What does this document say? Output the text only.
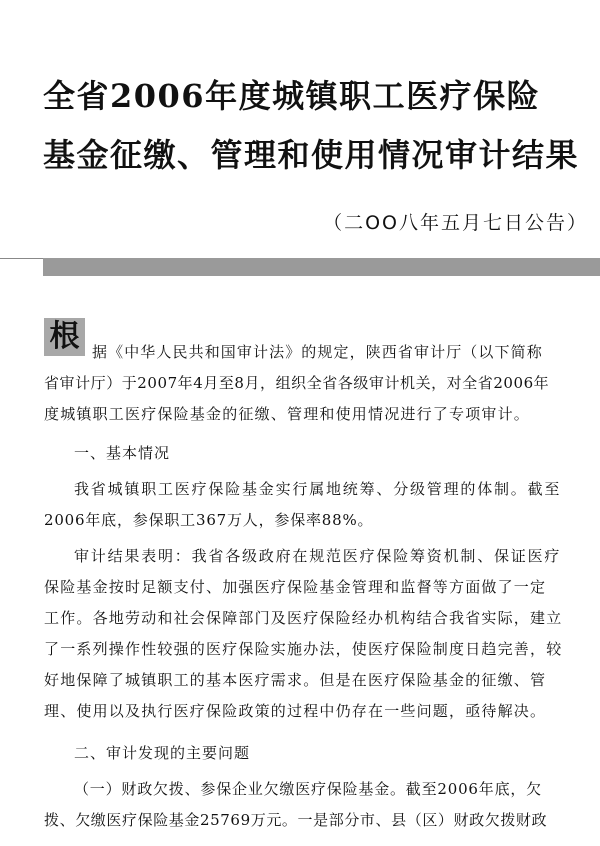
全省2006年度城镇职工医疗保险
基金征缴、管理和使用情况审计结果
（二OO八年五月七日公告）
根 据《中华人民共和国审计法》的规定，陕西省审计厅（以下简称
省审计厅）于2007年4月至8月，组织全省各级审计机关，对全省2006年
度城镇职工医疗保险基金的征缴、管理和使用情况进行了专项审计。
一、基本情况
我省城镇职工医疗保险基金实行属地统筹、分级管理的体制。截至
2006年底，参保职工367万人，参保率88%。
审计结果表明：我省各级政府在规范医疗保险筹资机制、保证医疗
保险基金按时足额支付、加强医疗保险基金管理和监督等方面做了一定
工作。各地劳动和社会保障部门及医疗保险经办机构结合我省实际，建立
了一系列操作性较强的医疗保险实施办法，使医疗保险制度日趋完善，较
好地保障了城镇职工的基本医疗需求。但是在医疗保险基金的征缴、管
理、使用以及执行医疗保险政策的过程中仍存在一些问题，亟待解决。
二、审计发现的主要问题
（一）财政欠拨、参保企业欠缴医疗保险基金。截至2006年底，欠
拨、欠缴医疗保险基金25769万元。一是部分市、县（区）财政欠拨财政
